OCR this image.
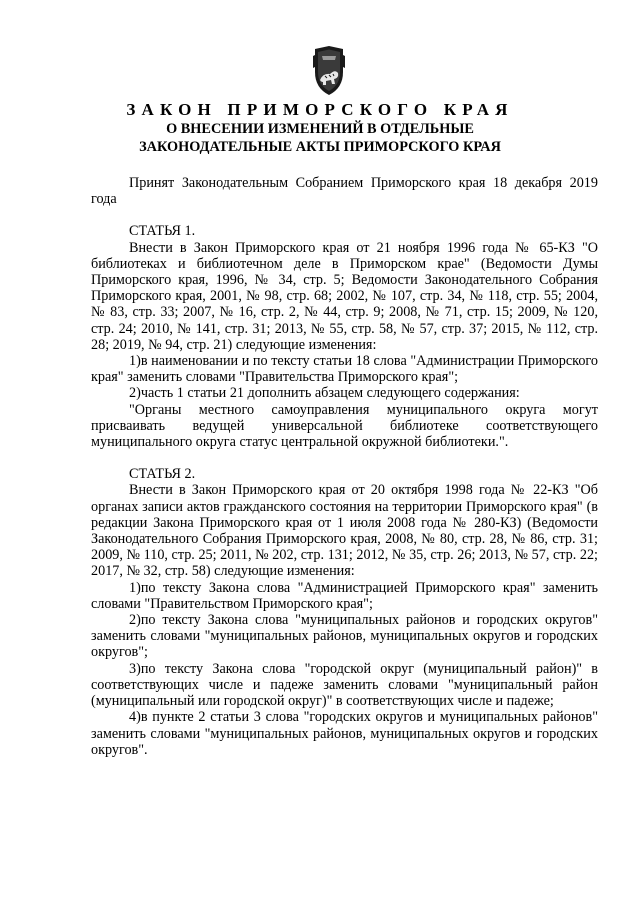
ЗАКОН ПРИМОРСКОГО КРАЯ
О ВНЕСЕНИИ ИЗМЕНЕНИЙ В ОТДЕЛЬНЫЕ
ЗАКОНОДАТЕЛЬНЫЕ АКТЫ ПРИМОРСКОГО КРАЯ

Принят Законодательным Собранием Приморского края 18 декабря 2019 года

СТАТЬЯ 1.

Внести в Закон Приморского края от 21 ноября 1996 года № 65-КЗ "О библиотеках и библиотечном деле в Приморском крае" (Ведомости Думы Приморского края, 1996, № 34, стр. 5; Ведомости Законодательного Собрания Приморского края, 2001, № 98, стр. 68; 2002, № 107, стр. 34, № 118, стр. 55; 2004, № 83, стр. 33; 2007, № 16, стр. 2, № 44, стр. 9; 2008, № 71, стр. 15; 2009, № 120, стр. 24; 2010, № 141, стр. 31; 2013, № 55, стр. 58, № 57, стр. 37; 2015, № 112, стр. 28; 2019, № 94, стр. 21) следующие изменения:

1)в наименовании и по тексту статьи 18 слова "Администрации Приморского края" заменить словами "Правительства Приморского края";

2)часть 1 статьи 21 дополнить абзацем следующего содержания:

"Органы местного самоуправления муниципального округа могут присваивать ведущей универсальной библиотеке соответствующего муниципального округа статус центральной окружной библиотеки.".

СТАТЬЯ 2.

Внести в Закон Приморского края от 20 октября 1998 года № 22-КЗ "Об органах записи актов гражданского состояния на территории Приморского края" (в редакции Закона Приморского края от 1 июля 2008 года № 280-КЗ) (Ведомости Законодательного Собрания Приморского края, 2008, № 80, стр. 28, № 86, стр. 31; 2009, № 110, стр. 25; 2011, № 202, стр. 131; 2012, № 35, стр. 26; 2013, № 57, стр. 22; 2017, № 32, стр. 58) следующие изменения:

1)по тексту Закона слова "Администрацией Приморского края" заменить словами "Правительством Приморского края";

2)по тексту Закона слова "муниципальных районов и городских округов" заменить словами "муниципальных районов, муниципальных округов и городских округов";

3)по тексту Закона слова "городской округ (муниципальный район)" в соответствующих числе и падеже заменить словами "муниципальный район (муниципальный или городской округ)" в соответствующих числе и падеже;

4)в пункте 2 статьи 3 слова "городских округов и муниципальных районов" заменить словами "муниципальных районов, муниципальных округов и городских округов".
